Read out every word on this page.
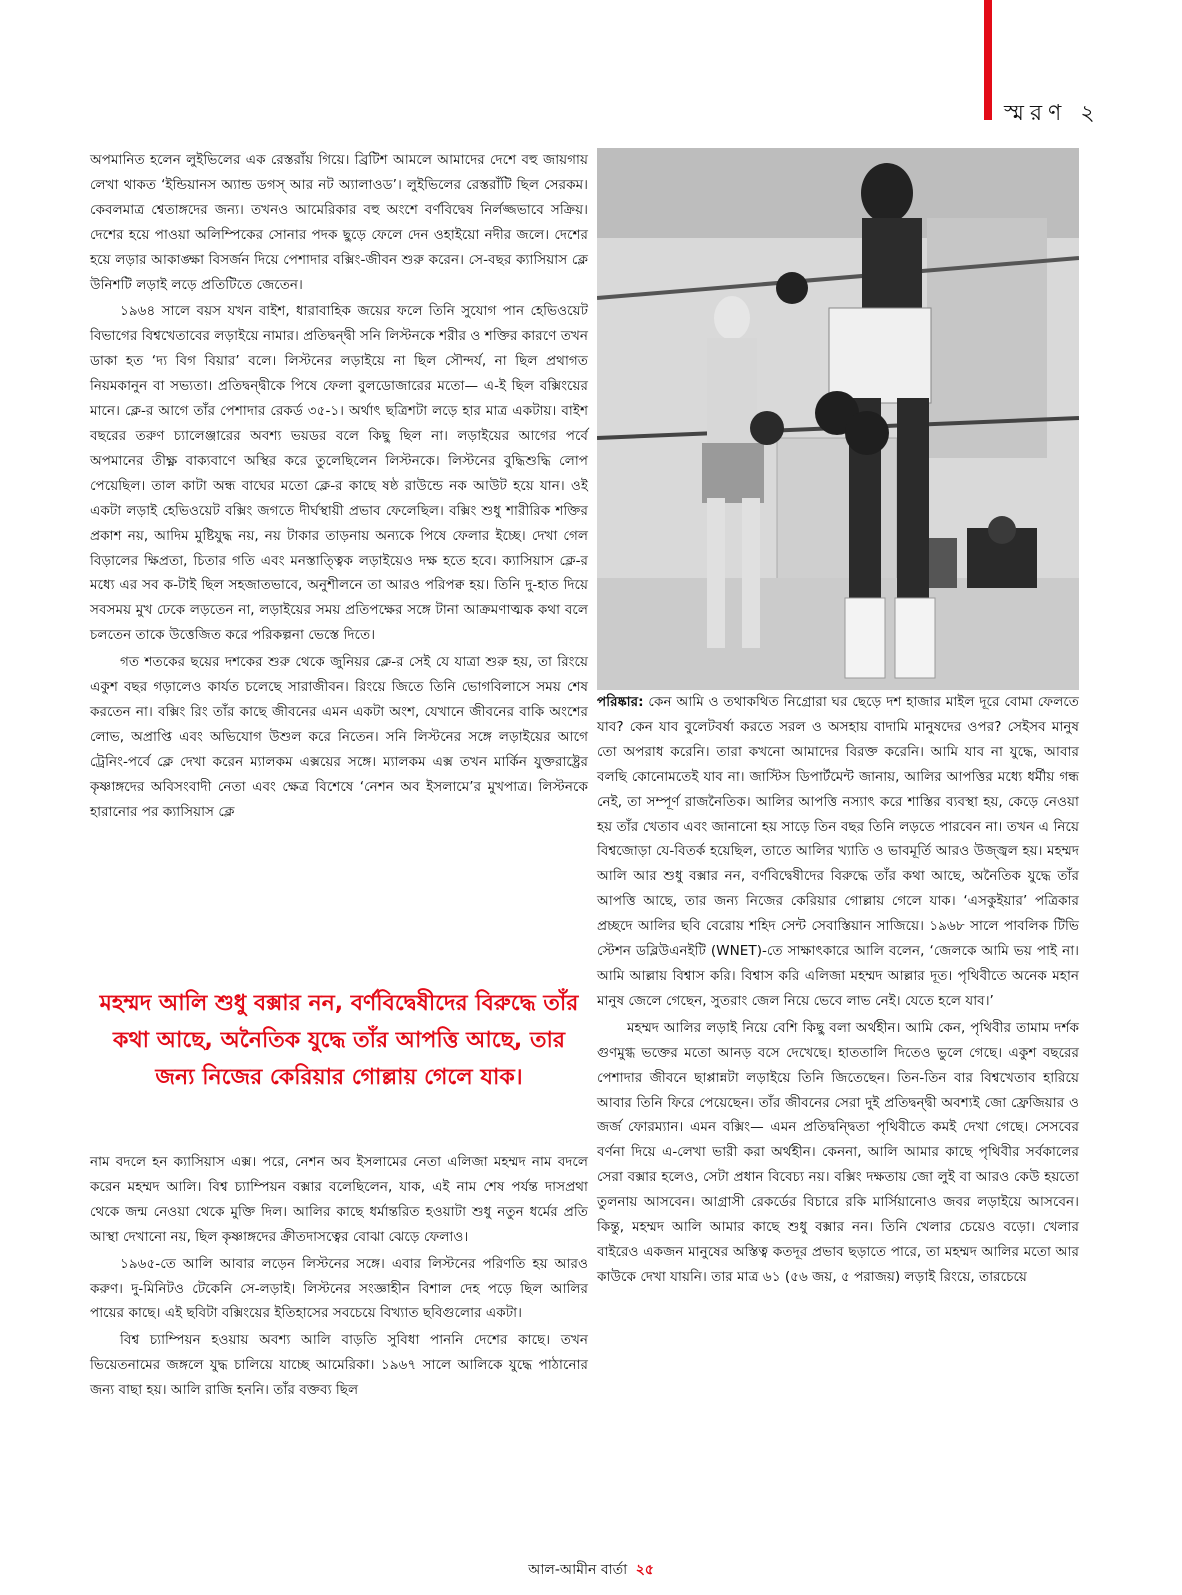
স্মরণ ২

অপমানিত হলেন লুইভিলের এক রেস্তরাঁয় গিয়ে। ব্রিটিশ আমলে আমাদের দেশে বহু জায়গায় লেখা থাকত ‘ইন্ডিয়ানস অ্যান্ড ডগস্ আর নট অ্যালাওড’। লুইভিলের রেস্তরাঁটি ছিল সেরকম। কেবলমাত্র শ্বেতাঙ্গদের জন্য। তখনও আমেরিকার বহু অংশে বর্ণবিদ্বেষ নির্লজ্জভাবে সক্রিয়। দেশের হয়ে পাওয়া অলিম্পিকের সোনার পদক ছুড়ে ফেলে দেন ওহাইয়ো নদীর জলে। দেশের হয়ে লড়ার আকাঙ্ক্ষা বিসর্জন দিয়ে পেশাদার বক্সিং-জীবন শুরু করেন। সে-বছর ক্যাসিয়াস ক্লে উনিশটি লড়াই লড়ে প্রতিটিতে জেতেন।

১৯৬৪ সালে বয়স যখন বাইশ, ধারাবাহিক জয়ের ফলে তিনি সুযোগ পান হেভিওয়েট বিভাগের বিশ্বখেতাবের লড়াইয়ে নামার। প্রতিদ্বন্দ্বী সনি লিস্টনকে শরীর ও শক্তির কারণে তখন ডাকা হত ‘দ্য বিগ বিয়ার’ বলে। লিস্টনের লড়াইয়ে না ছিল সৌন্দর্য, না ছিল প্রথাগত নিয়মকানুন বা সভ্যতা। প্রতিদ্বন্দ্বীকে পিষে ফেলা বুলডোজারের মতো— এ-ই ছিল বক্সিংয়ের মানে। ক্লে-র আগে তাঁর পেশাদার রেকর্ড ৩৫-১। অর্থাৎ ছত্রিশটা লড়ে হার মাত্র একটায়। বাইশ বছরের তরুণ চ্যালেঞ্জারের অবশ্য ভয়ডর বলে কিছু ছিল না। লড়াইয়ের আগের পর্বে অপমানের তীক্ষ্ণ বাক্যবাণে অস্থির করে তুলেছিলেন লিস্টনকে। লিস্টনের বুদ্ধিশুদ্ধি লোপ পেয়েছিল। তাল কাটা অন্ধ বাঘের মতো ক্লে-র কাছে ষষ্ঠ রাউন্ডে নক আউট হয়ে যান। ওই একটা লড়াই হেভিওয়েট বক্সিং জগতে দীর্ঘস্থায়ী প্রভাব ফেলেছিল। বক্সিং শুধু শারীরিক শক্তির প্রকাশ নয়, আদিম মুষ্টিযুদ্ধ নয়, নয় টাকার তাড়নায় অন্যকে পিষে ফেলার ইচ্ছে। দেখা গেল বিড়ালের ক্ষিপ্রতা, চিতার গতি এবং মনস্তাত্ত্বিক লড়াইয়েও দক্ষ হতে হবে। ক্যাসিয়াস ক্লে-র মধ্যে এর সব ক-টাই ছিল সহজাতভাবে, অনুশীলনে তা আরও পরিপক্ব হয়। তিনি দু-হাত দিয়ে সবসময় মুখ ঢেকে লড়তেন না, লড়াইয়ের সময় প্রতিপক্ষের সঙ্গে টানা আক্রমণাত্মক কথা বলে চলতেন তাকে উত্তেজিত করে পরিকল্পনা ভেস্তে দিতে।

গত শতকের ছয়ের দশকের শুরু থেকে জুনিয়র ক্লে-র সেই যে যাত্রা শুরু হয়, তা রিংয়ে একুশ বছর গড়ালেও কার্যত চলেছে সারাজীবন। রিংয়ে জিতে তিনি ভোগবিলাসে সময় শেষ করতেন না। বক্সিং রিং তাঁর কাছে জীবনের এমন একটা অংশ, যেখানে জীবনের বাকি অংশের লোভ, অপ্রাপ্তি এবং অভিযোগ উশুল করে নিতেন। সনি লিস্টনের সঙ্গে লড়াইয়ের আগে ট্রেনিং-পর্বে ক্লে দেখা করেন ম্যালকম এক্সয়ের সঙ্গে। ম্যালকম এক্স তখন মার্কিন যুক্তরাষ্ট্রের কৃষ্ণাঙ্গদের অবিসংবাদী নেতা এবং ক্ষেত্র বিশেষে ‘নেশন অব ইসলামে’র মুখপাত্র। লিস্টনকে হারানোর পর ক্যাসিয়াস ক্লে

মহম্মদ আলি শুধু বক্সার নন, বর্ণবিদ্বেষীদের বিরুদ্ধে তাঁর কথা আছে, অনৈতিক যুদ্ধে তাঁর আপত্তি আছে, তার জন্য নিজের কেরিয়ার গোল্লায় গেলে যাক।

নাম বদলে হন ক্যাসিয়াস এক্স। পরে, নেশন অব ইসলামের নেতা এলিজা মহম্মদ নাম বদলে করেন মহম্মদ আলি। বিশ্ব চ্যাম্পিয়ন বক্সার বলেছিলেন, যাক, এই নাম শেষ পর্যন্ত দাসপ্রথা থেকে জন্ম নেওয়া থেকে মুক্তি দিল। আলির কাছে ধর্মান্তরিত হওয়াটা শুধু নতুন ধর্মের প্রতি আস্থা দেখানো নয়, ছিল কৃষ্ণাঙ্গদের ক্রীতদাসত্বের বোঝা ঝেড়ে ফেলাও।

১৯৬৫-তে আলি আবার লড়েন লিস্টনের সঙ্গে। এবার লিস্টনের পরিণতি হয় আরও করুণ। দু-মিনিটও টেকেনি সে-লড়াই। লিস্টনের সংজ্ঞাহীন বিশাল দেহ পড়ে ছিল আলির পায়ের কাছে। এই ছবিটা বক্সিংয়ের ইতিহাসের সবচেয়ে বিখ্যাত ছবিগুলোর একটা।

বিশ্ব চ্যাম্পিয়ন হওয়ায় অবশ্য আলি বাড়তি সুবিধা পাননি দেশের কাছে। তখন ভিয়েতনামের জঙ্গলে যুদ্ধ চালিয়ে যাচ্ছে আমেরিকা। ১৯৬৭ সালে আলিকে যুদ্ধে পাঠানোর জন্য বাছা হয়। আলি রাজি হননি। তাঁর বক্তব্য ছিল

পরিষ্কার: কেন আমি ও তথাকথিত নিগ্রোরা ঘর ছেড়ে দশ হাজার মাইল দূরে বোমা ফেলতে যাব? কেন যাব বুলেটবর্ষা করতে সরল ও অসহায় বাদামি মানুষদের ওপর? সেইসব মানুষ তো অপরাধ করেনি। তারা কখনো আমাদের বিরক্ত করেনি। আমি যাব না যুদ্ধে, আবার বলছি কোনোমতেই যাব না। জাস্টিস ডিপার্টমেন্ট জানায়, আলির আপত্তির মধ্যে ধর্মীয় গন্ধ নেই, তা সম্পূর্ণ রাজনৈতিক। আলির আপত্তি নস্যাৎ করে শাস্তির ব্যবস্থা হয়, কেড়ে নেওয়া হয় তাঁর খেতাব এবং জানানো হয় সাড়ে তিন বছর তিনি লড়তে পারবেন না। তখন এ নিয়ে বিশ্বজোড়া যে-বিতর্ক হয়েছিল, তাতে আলির খ্যাতি ও ভাবমূর্তি আরও উজ্জ্বল হয়। মহম্মদ আলি আর শুধু বক্সার নন, বর্ণবিদ্বেষীদের বিরুদ্ধে তাঁর কথা আছে, অনৈতিক যুদ্ধে তাঁর আপত্তি আছে, তার জন্য নিজের কেরিয়ার গোল্লায় গেলে যাক। ‘এসকুইয়ার’ পত্রিকার প্রচ্ছদে আলির ছবি বেরোয় শহিদ সেন্ট সেবাস্তিয়ান সাজিয়ে। ১৯৬৮ সালে পাবলিক টিভি স্টেশন ডব্লিউএনইটি (WNET)-তে সাক্ষাৎকারে আলি বলেন, ‘জেলকে আমি ভয় পাই না। আমি আল্লায় বিশ্বাস করি। বিশ্বাস করি এলিজা মহম্মদ আল্লার দূত। পৃথিবীতে অনেক মহান মানুষ জেলে গেছেন, সুতরাং জেল নিয়ে ভেবে লাভ নেই। যেতে হলে যাব।’

মহম্মদ আলির লড়াই নিয়ে বেশি কিছু বলা অর্থহীন। আমি কেন, পৃথিবীর তামাম দর্শক গুণমুগ্ধ ভক্তের মতো আনড় বসে দেখেছে। হাততালি দিতেও ভুলে গেছে। একুশ বছরের পেশাদার জীবনে ছাপ্পান্নটা লড়াইয়ে তিনি জিতেছেন। তিন-তিন বার বিশ্বখেতাব হারিয়ে আবার তিনি ফিরে পেয়েছেন। তাঁর জীবনের সেরা দুই প্রতিদ্বন্দ্বী অবশ্যই জো ফ্রেজিয়ার ও জর্জ ফোরম্যান। এমন বক্সিং— এমন প্রতিদ্বন্দ্বিতা পৃথিবীতে কমই দেখা গেছে। সেসবের বর্ণনা দিয়ে এ-লেখা ভারী করা অর্থহীন। কেননা, আলি আমার কাছে পৃথিবীর সর্বকালের সেরা বক্সার হলেও, সেটা প্রধান বিবেচ্য নয়। বক্সিং দক্ষতায় জো লুই বা আরও কেউ হয়তো তুলনায় আসবেন। আগ্রাসী রেকর্ডের বিচারে রকি মার্সিয়ানোও জবর লড়াইয়ে আসবেন। কিন্তু, মহম্মদ আলি আমার কাছে শুধু বক্সার নন। তিনি খেলার চেয়েও বড়ো। খেলার বাইরেও একজন মানুষের অস্তিত্ব কতদূর প্রভাব ছড়াতে পারে, তা মহম্মদ আলির মতো আর কাউকে দেখা যায়নি। তার মাত্র ৬১ (৫৬ জয়, ৫ পরাজয়) লড়াই রিংয়ে, তারচেয়ে

আল-আমীন বার্তা ২৫
